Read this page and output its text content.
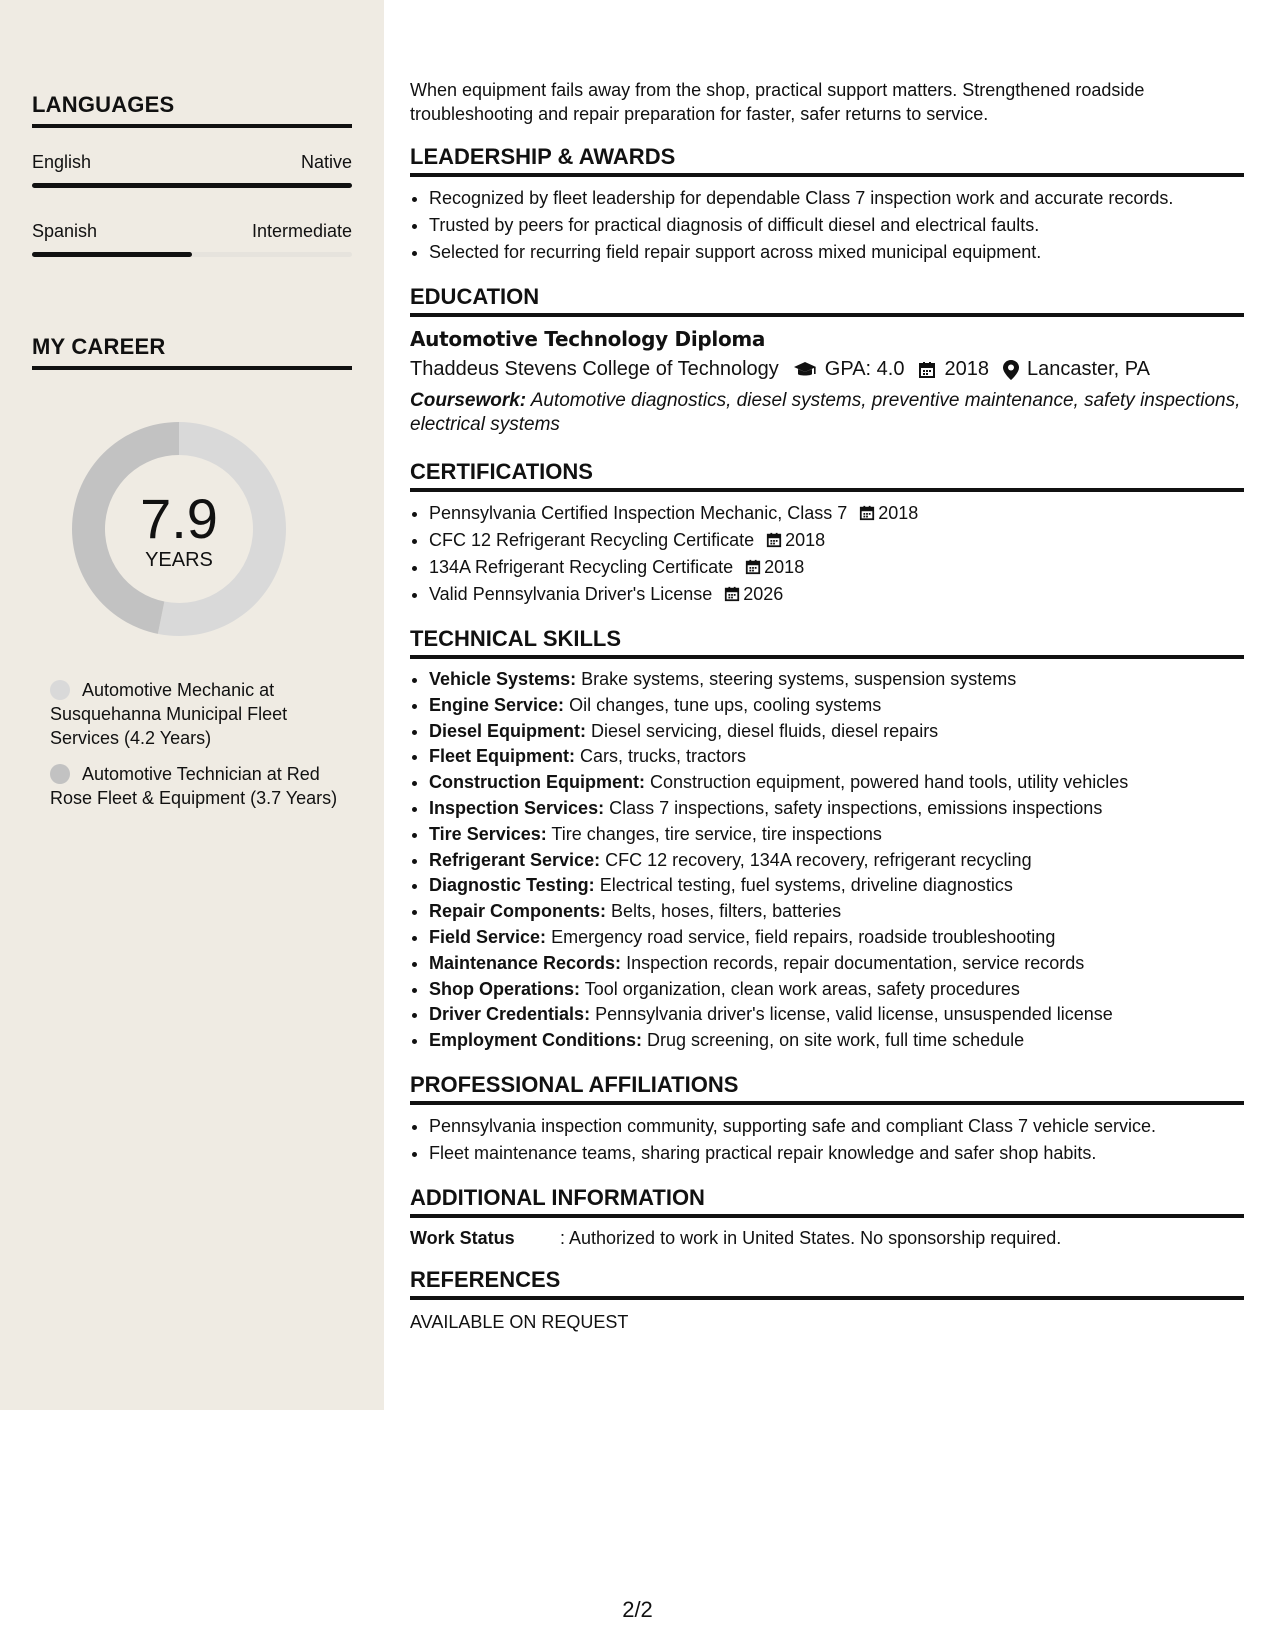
LANGUAGES
English	Native
Spanish	Intermediate
MY CAREER
7.9
YEARS
Automotive Mechanic at Susquehanna Municipal Fleet Services (4.2 Years)
Automotive Technician at Red Rose Fleet & Equipment (3.7 Years)

When equipment fails away from the shop, practical support matters. Strengthened roadside troubleshooting and repair preparation for faster, safer returns to service.

LEADERSHIP & AWARDS
• Recognized by fleet leadership for dependable Class 7 inspection work and accurate records.
• Trusted by peers for practical diagnosis of difficult diesel and electrical faults.
• Selected for recurring field repair support across mixed municipal equipment.
EDUCATION
Automotive Technology Diploma
Thaddeus Stevens College of Technology GPA: 4.0 2018 Lancaster, PA
Coursework: Automotive diagnostics, diesel systems, preventive maintenance, safety inspections, electrical systems
CERTIFICATIONS
• Pennsylvania Certified Inspection Mechanic, Class 7 2018
• CFC 12 Refrigerant Recycling Certificate 2018
• 134A Refrigerant Recycling Certificate 2018
• Valid Pennsylvania Driver's License 2026
TECHNICAL SKILLS
• Vehicle Systems: Brake systems, steering systems, suspension systems
• Engine Service: Oil changes, tune ups, cooling systems
• Diesel Equipment: Diesel servicing, diesel fluids, diesel repairs
• Fleet Equipment: Cars, trucks, tractors
• Construction Equipment: Construction equipment, powered hand tools, utility vehicles
• Inspection Services: Class 7 inspections, safety inspections, emissions inspections
• Tire Services: Tire changes, tire service, tire inspections
• Refrigerant Service: CFC 12 recovery, 134A recovery, refrigerant recycling
• Diagnostic Testing: Electrical testing, fuel systems, driveline diagnostics
• Repair Components: Belts, hoses, filters, batteries
• Field Service: Emergency road service, field repairs, roadside troubleshooting
• Maintenance Records: Inspection records, repair documentation, service records
• Shop Operations: Tool organization, clean work areas, safety procedures
• Driver Credentials: Pennsylvania driver's license, valid license, unsuspended license
• Employment Conditions: Drug screening, on site work, full time schedule
PROFESSIONAL AFFILIATIONS
• Pennsylvania inspection community, supporting safe and compliant Class 7 vehicle service.
• Fleet maintenance teams, sharing practical repair knowledge and safer shop habits.
ADDITIONAL INFORMATION
Work Status	: Authorized to work in United States. No sponsorship required.
REFERENCES
AVAILABLE ON REQUEST
2/2
